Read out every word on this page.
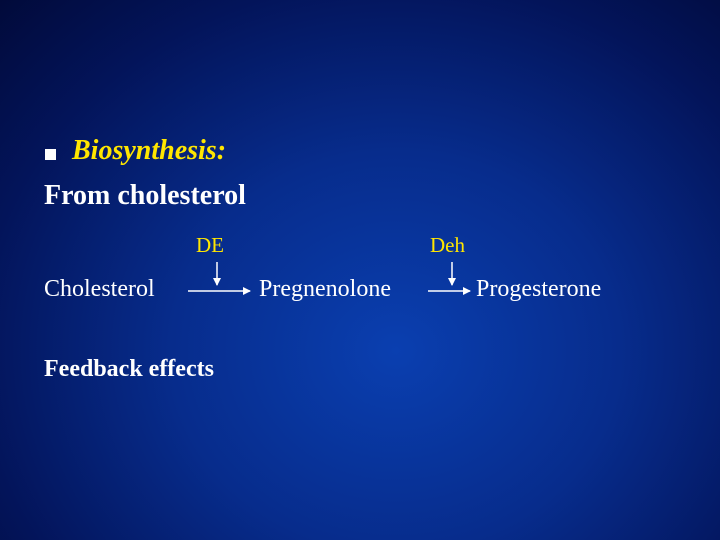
Biosynthesis:
From cholesterol
DE	Deh
Cholesterol	Pregnenolone	Progesterone
Feedback effects
